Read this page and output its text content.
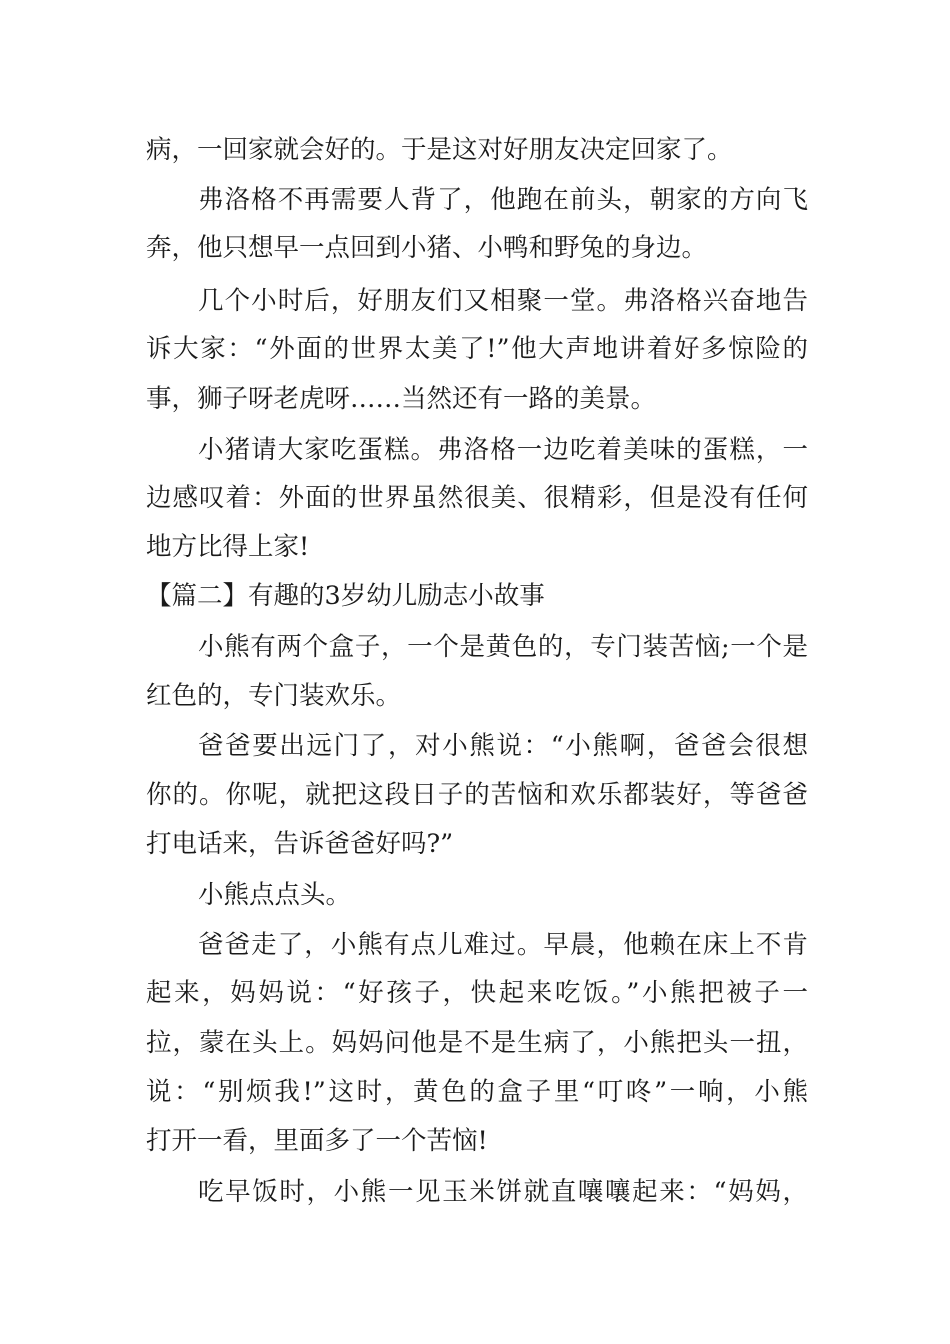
病，一回家就会好的。于是这对好朋友决定回家了。
弗洛格不再需要人背了，他跑在前头，朝家的方向飞
奔，他只想早一点回到小猪、小鸭和野兔的身边。
几个小时后，好朋友们又相聚一堂。弗洛格兴奋地告
诉大家：“外面的世界太美了!”他大声地讲着好多惊险的
事，狮子呀老虎呀……当然还有一路的美景。
小猪请大家吃蛋糕。弗洛格一边吃着美味的蛋糕，一
边感叹着：外面的世界虽然很美、很精彩，但是没有任何
地方比得上家!
【篇二】有趣的3岁幼儿励志小故事
小熊有两个盒子，一个是黄色的，专门装苦恼;一个是
红色的，专门装欢乐。
爸爸要出远门了，对小熊说：“小熊啊，爸爸会很想
你的。你呢，就把这段日子的苦恼和欢乐都装好，等爸爸
打电话来，告诉爸爸好吗?”
小熊点点头。
爸爸走了，小熊有点儿难过。早晨，他赖在床上不肯
起来，妈妈说：“好孩子，快起来吃饭。”小熊把被子一
拉，蒙在头上。妈妈问他是不是生病了，小熊把头一扭，
说：“别烦我!”这时，黄色的盒子里“叮咚”一响，小熊
打开一看，里面多了一个苦恼!
吃早饭时，小熊一见玉米饼就直嚷嚷起来：“妈妈，
